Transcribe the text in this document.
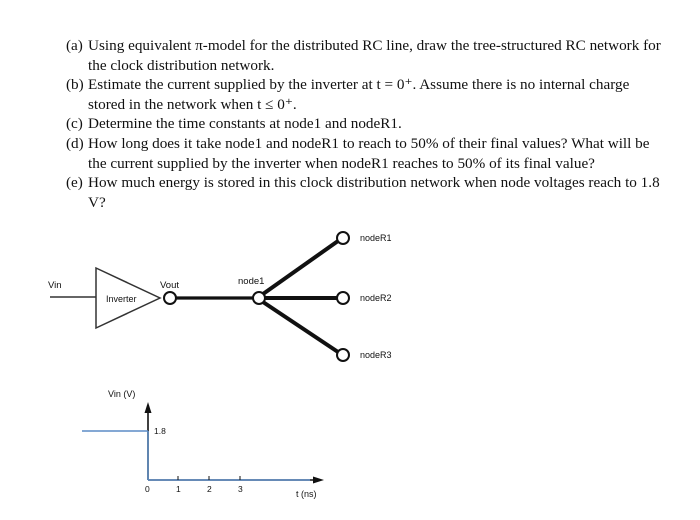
(a) Using equivalent π-model for the distributed RC line, draw the tree-structured RC network for the clock distribution network.
(b) Estimate the current supplied by the inverter at t = 0⁺. Assume there is no internal charge stored in the network when t ≤ 0⁺.
(c) Determine the time constants at node1 and nodeR1.
(d) How long does it take node1 and nodeR1 to reach to 50% of their final values? What will be the current supplied by the inverter when nodeR1 reaches to 50% of its final value?
(e) How much energy is stored in this clock distribution network when node voltages reach to 1.8 V?
Vin
Inverter
Vout	node1
nodeR1
nodeR2
nodeR3
Vin (V)
1.8
0	1	2	3	t (ns)
